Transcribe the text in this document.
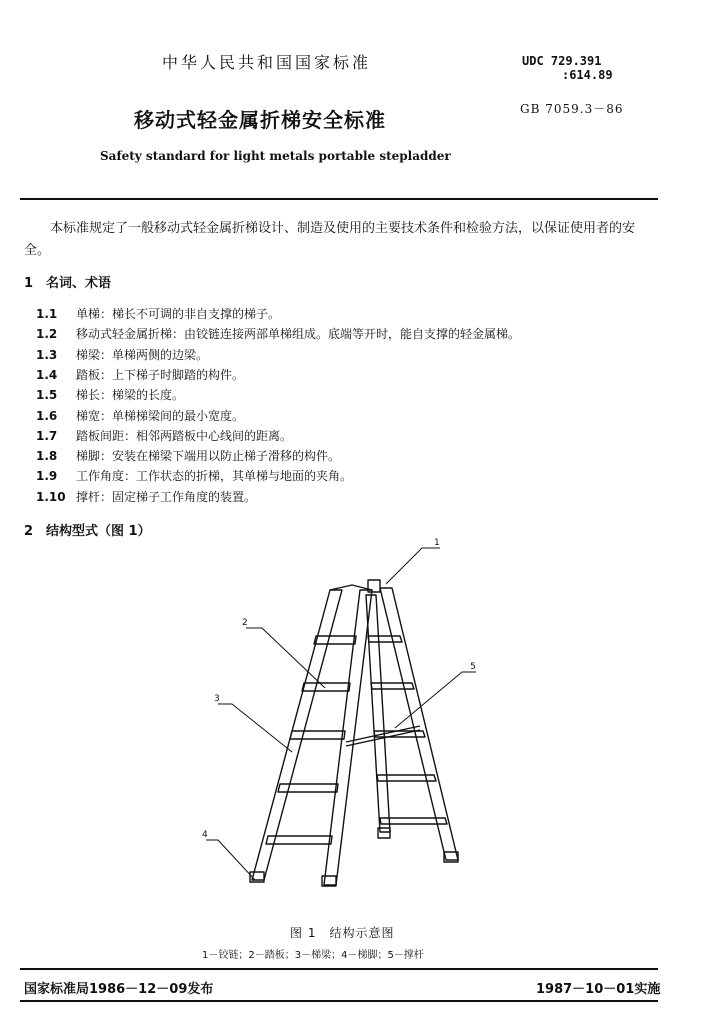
中华人民共和国国家标准	UDC 729.391
:614.89
GB 7059.3－86
移动式轻金属折梯安全标准
Safety standard for light metals portable stepladder
本标准规定了一般移动式轻金属折梯设计、制造及使用的主要技术条件和检验方法，以保证使用者的安全。
1 名词、术语
1.1 单梯：梯长不可调的非自支撑的梯子。
1.2 移动式轻金属折梯：由铰链连接两部单梯组成。底端等开时，能自支撑的轻金属梯。
1.3 梯梁：单梯两侧的边梁。
1.4 踏板：上下梯子时脚踏的构件。
1.5 梯长：梯梁的长度。
1.6 梯宽：单梯梯梁间的最小宽度。
1.7 踏板间距：相邻两踏板中心线间的距离。
1.8 梯脚：安装在梯梁下端用以防止梯子滑移的构件。
1.9 工作角度：工作状态的折梯，其单梯与地面的夹角。
1.10 撑杆：固定梯子工作角度的装置。
2 结构型式（图 1）
1
2
3
4
5
图 1　结构示意图
1－铰链；2－踏板；3－梯梁；4－梯脚；5－撑杆
国家标准局1986－12－09发布	1987－10－01实施
